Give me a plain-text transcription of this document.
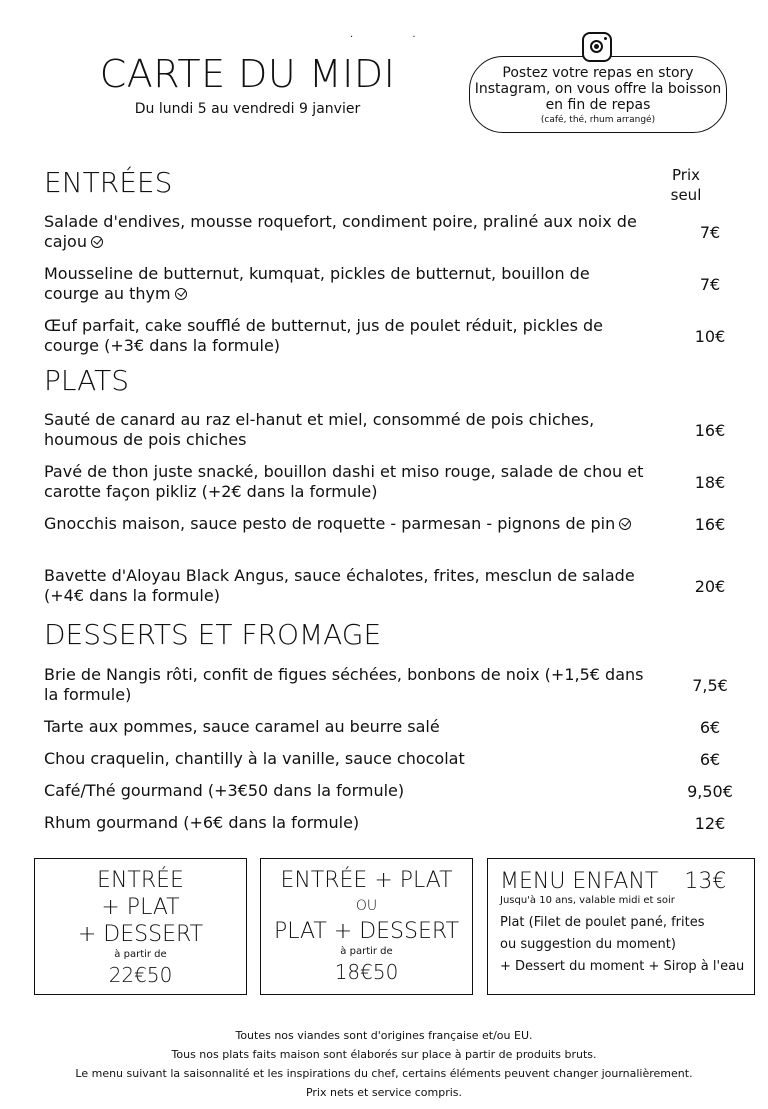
· ·
CARTE DU MIDI
Du lundi 5 au vendredi 9 janvier
Postez votre repas en story Instagram, on vous offre la boisson en fin de repas
(café, thé, rhum arrangé)
ENTRÉES	Prix seul
Salade d'endives, mousse roquefort, condiment poire, praliné aux noix de cajou	7€
Mousseline de butternut, kumquat, pickles de butternut, bouillon de courge au thym	7€
Œuf parfait, cake soufflé de butternut, jus de poulet réduit, pickles de courge (+3€ dans la formule)	10€
PLATS
Sauté de canard au raz el-hanut et miel, consommé de pois chiches, houmous de pois chiches	16€
Pavé de thon juste snacké, bouillon dashi et miso rouge, salade de chou et carotte façon pikliz (+2€ dans la formule)	18€
Gnocchis maison, sauce pesto de roquette - parmesan - pignons de pin	16€
Bavette d'Aloyau Black Angus, sauce échalotes, frites, mesclun de salade (+4€ dans la formule)	20€
DESSERTS ET FROMAGE
Brie de Nangis rôti, confit de figues séchées, bonbons de noix (+1,5€ dans la formule)	7,5€
Tarte aux pommes, sauce caramel au beurre salé	6€
Chou craquelin, chantilly à la vanille, sauce chocolat	6€
Café/Thé gourmand (+3€50 dans la formule)	9,50€
Rhum gourmand (+6€ dans la formule)	12€
ENTRÉE
+ PLAT
+ DESSERT
à partir de
22€50
ENTRÉE + PLAT
OU
PLAT + DESSERT
à partir de
18€50
MENU ENFANT 13€
Jusqu'à 10 ans, valable midi et soir
Plat (Filet de poulet pané, frites
ou suggestion du moment)
+ Dessert du moment + Sirop à l'eau
Toutes nos viandes sont d'origines française et/ou EU.
Tous nos plats faits maison sont élaborés sur place à partir de produits bruts.
Le menu suivant la saisonnalité et les inspirations du chef, certains éléments peuvent changer journalièrement.
Prix nets et service compris.
